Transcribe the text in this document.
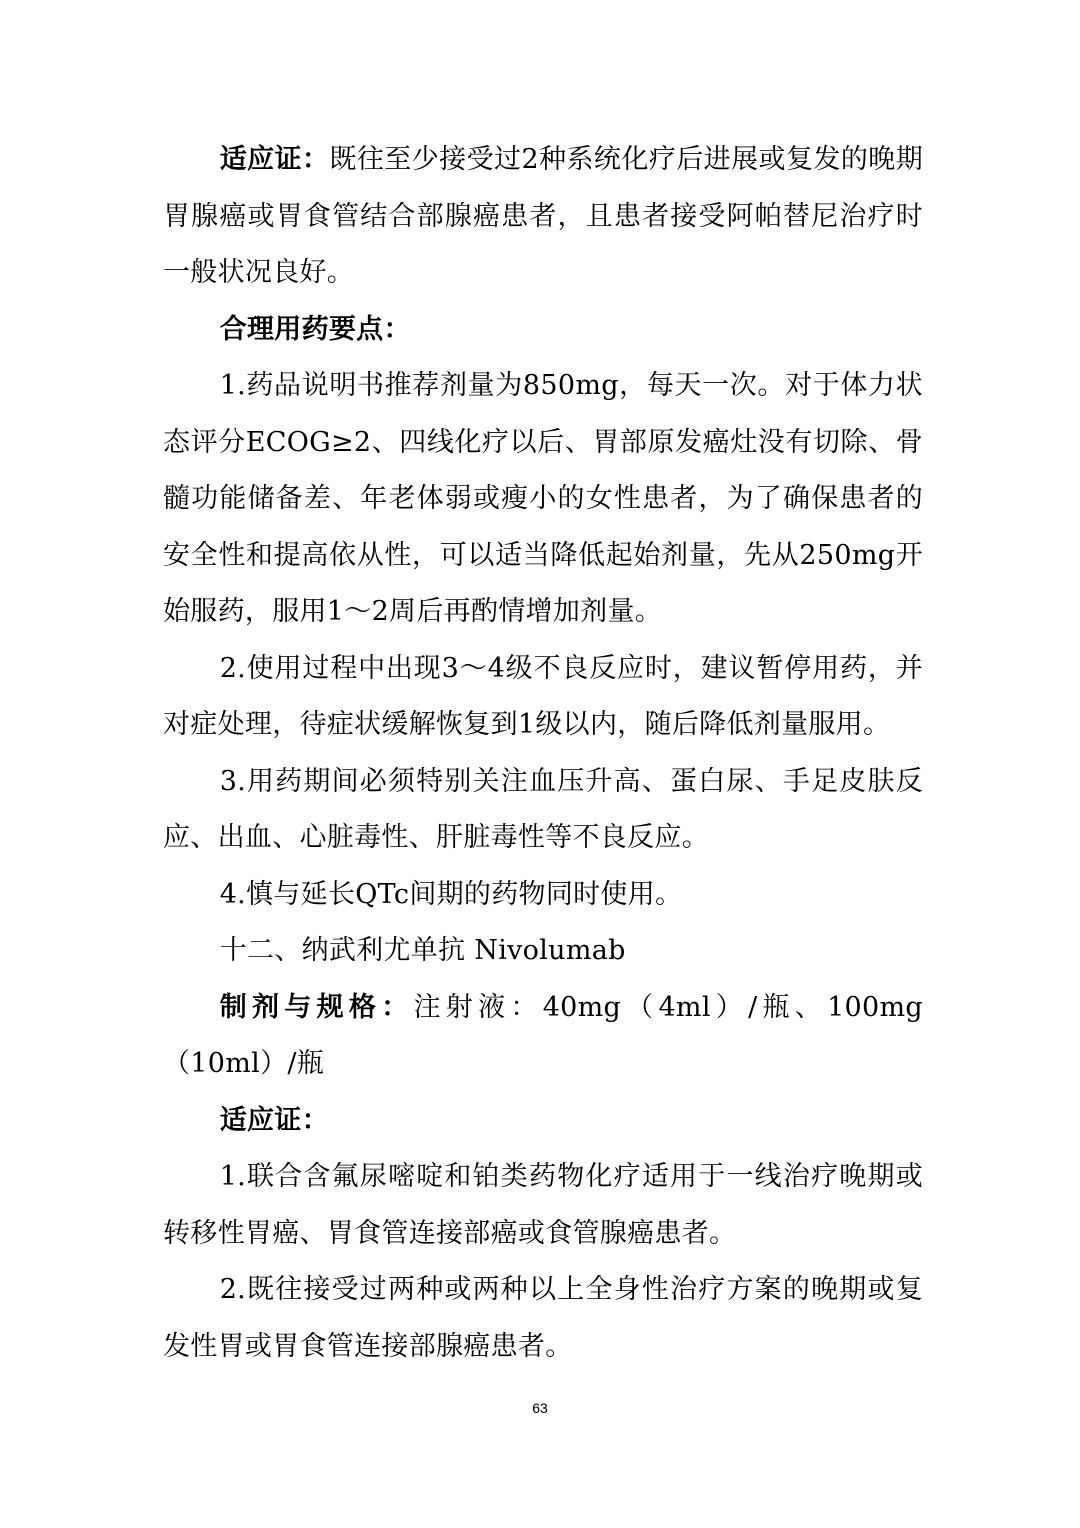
适应证：既往至少接受过2种系统化疗后进展或复发的晚期胃腺癌或胃食管结合部腺癌患者，且患者接受阿帕替尼治疗时一般状况良好。

合理用药要点：

1.药品说明书推荐剂量为850mg，每天一次。对于体力状态评分ECOG≥2、四线化疗以后、胃部原发癌灶没有切除、骨髓功能储备差、年老体弱或瘦小的女性患者，为了确保患者的安全性和提高依从性，可以适当降低起始剂量，先从250mg开始服药，服用1～2周后再酌情增加剂量。

2.使用过程中出现3～4级不良反应时，建议暂停用药，并对症处理，待症状缓解恢复到1级以内，随后降低剂量服用。

3.用药期间必须特别关注血压升高、蛋白尿、手足皮肤反应、出血、心脏毒性、肝脏毒性等不良反应。

4.慎与延长QTc间期的药物同时使用。

十二、纳武利尤单抗 Nivolumab

制剂与规格：注射液：40mg（4ml）/瓶、100mg（10ml）/瓶

适应证：

1.联合含氟尿嘧啶和铂类药物化疗适用于一线治疗晚期或转移性胃癌、胃食管连接部癌或食管腺癌患者。

2.既往接受过两种或两种以上全身性治疗方案的晚期或复发性胃或胃食管连接部腺癌患者。

63
